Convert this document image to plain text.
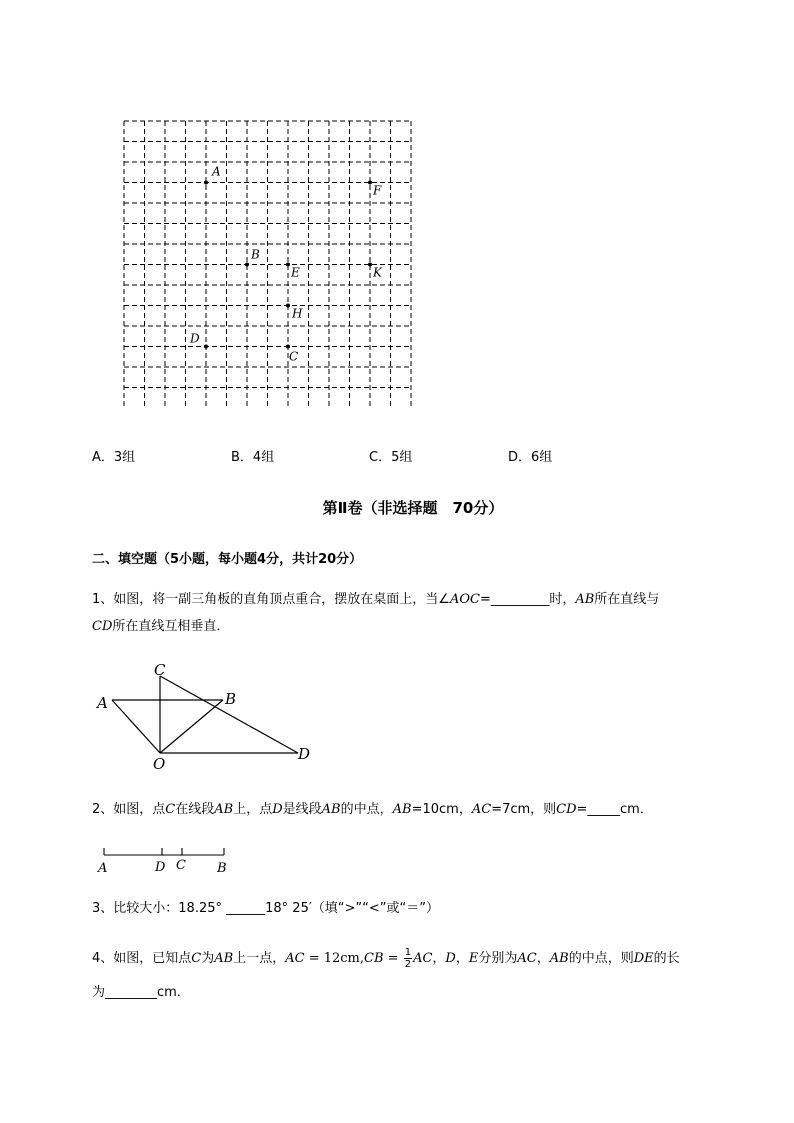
A
F
B
E	K
H
D
C
A．3组	B．4组	C．5组	D．6组
第Ⅱ卷（非选择题　70分）
二、填空题（5小题，每小题4分，共计20分）
1、如图，将一副三角板的直角顶点重合，摆放在桌面上，当∠AOC=_________时，AB所在直线与
CD所在直线互相垂直．
A	B
C
O
D
2、如图，点C在线段AB上，点D是线段AB的中点，AB=10cm，AC=7cm，则CD=_____cm．
A	D C B
3、比较大小：18.25° ______18° 25′（填“>”“<”或“＝”）
4、如图，已知点C为AB上一点，AC = $12cm,CB = \frac{1}{2}$ AC，D，E分别为AC，AB的中点，则DE的长
为________cm．
